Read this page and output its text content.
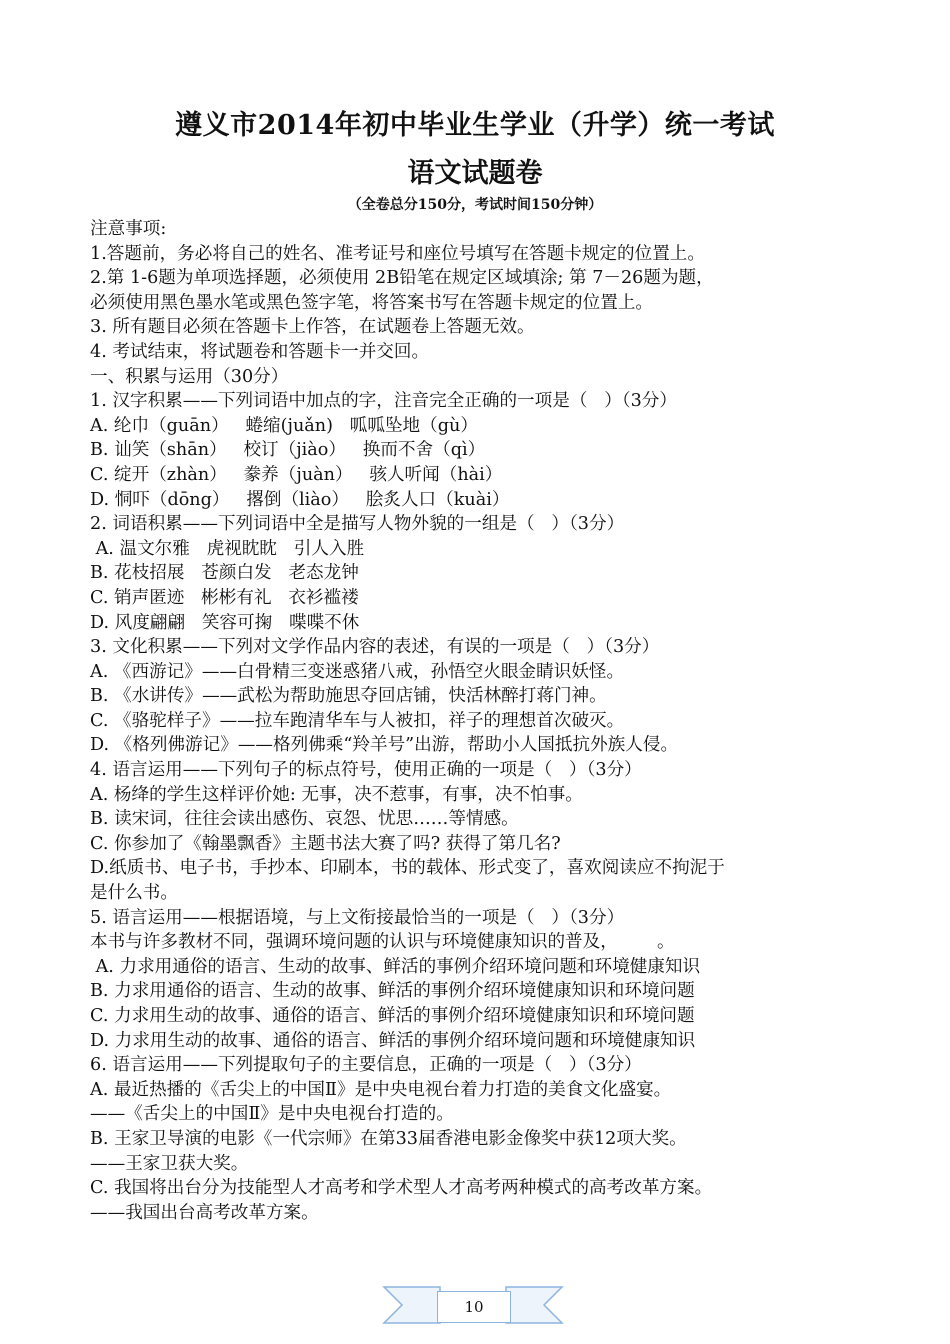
遵义市2014年初中毕业生学业（升学）统一考试
语文试题卷
（全卷总分150分，考试时间150分钟）
注意事项:
1.答题前，务必将自己的姓名、准考证号和座位号填写在答题卡规定的位置上。
2.第 1-6题为单项选择题，必须使用 2B铅笔在规定区域填涂; 第 7－26题为题，
必须使用黑色墨水笔或黑色签字笔，将答案书写在答题卡规定的位置上。
3. 所有题目必须在答题卡上作答，在试题卷上答题无效。
4. 考试结束，将试题卷和答题卡一并交回。
一、积累与运用（30分）
1. 汉字积累——下列词语中加点的字，注音完全正确的一项是（   ）（3分）
A. 纶巾（guān）   蜷缩(juǎn)   呱呱坠地（gù）
B. 讪笑（shān）   校订（jiào）   换而不舍（qì）
C. 绽开（zhàn）   豢养（juàn）   骇人听闻（hài）
D. 恫吓（dōng）   撂倒（liào）   脍炙人口（kuài）
2. 词语积累——下列词语中全是描写人物外貌的一组是（   ）（3分）
A. 温文尔雅   虎视眈眈   引人入胜
B. 花枝招展   苍颜白发   老态龙钟
C. 销声匿迹   彬彬有礼   衣衫褴褛
D. 风度翩翩   笑容可掬   喋喋不休
3. 文化积累——下列对文学作品内容的表述，有误的一项是（   ）（3分）
A. 《西游记》——白骨精三变迷惑猪八戒，孙悟空火眼金睛识妖怪。
B. 《水讲传》——武松为帮助施思夺回店铺，快活林醉打蒋门神。
C. 《骆驼样子》——拉车跑清华车与人被扣，祥子的理想首次破灭。
D. 《格列佛游记》——格列佛乘“羚羊号”出游，帮助小人国抵抗外族人侵。
4. 语言运用——下列句子的标点符号，使用正确的一项是（   ）（3分）
A. 杨绛的学生这样评价她: 无事，决不惹事，有事，决不怕事。
B. 读宋词，往往会读出感伤、哀怨、忧思……等情感。
C. 你参加了《翰墨飘香》主题书法大赛了吗? 获得了第几名?
D.纸质书、电子书，手抄本、印刷本，书的载体、形式变了，喜欢阅读应不拘泥于
是什么书。
5. 语言运用——根据语境，与上文衔接最恰当的一项是（   ）（3分）
本书与许多教材不同，强调环境问题的认识与环境健康知识的普及，       。
A. 力求用通俗的语言、生动的故事、鲜活的事例介绍环境问题和环境健康知识
B. 力求用通俗的语言、生动的故事、鲜活的事例介绍环境健康知识和环境问题
C. 力求用生动的故事、通俗的语言、鲜活的事例介绍环境健康知识和环境问题
D. 力求用生动的故事、通俗的语言、鲜活的事例介绍环境问题和环境健康知识
6. 语言运用——下列提取句子的主要信息，正确的一项是（   ）（3分）
A. 最近热播的《舌尖上的中国Ⅱ》是中央电视台着力打造的美食文化盛宴。
——《舌尖上的中国Ⅱ》是中央电视台打造的。
B. 王家卫导演的电影《一代宗师》在第33届香港电影金像奖中获12项大奖。
——王家卫获大奖。
C. 我国将出台分为技能型人才高考和学术型人才高考两种模式的高考改革方案。
——我国出台高考改革方案。
10
